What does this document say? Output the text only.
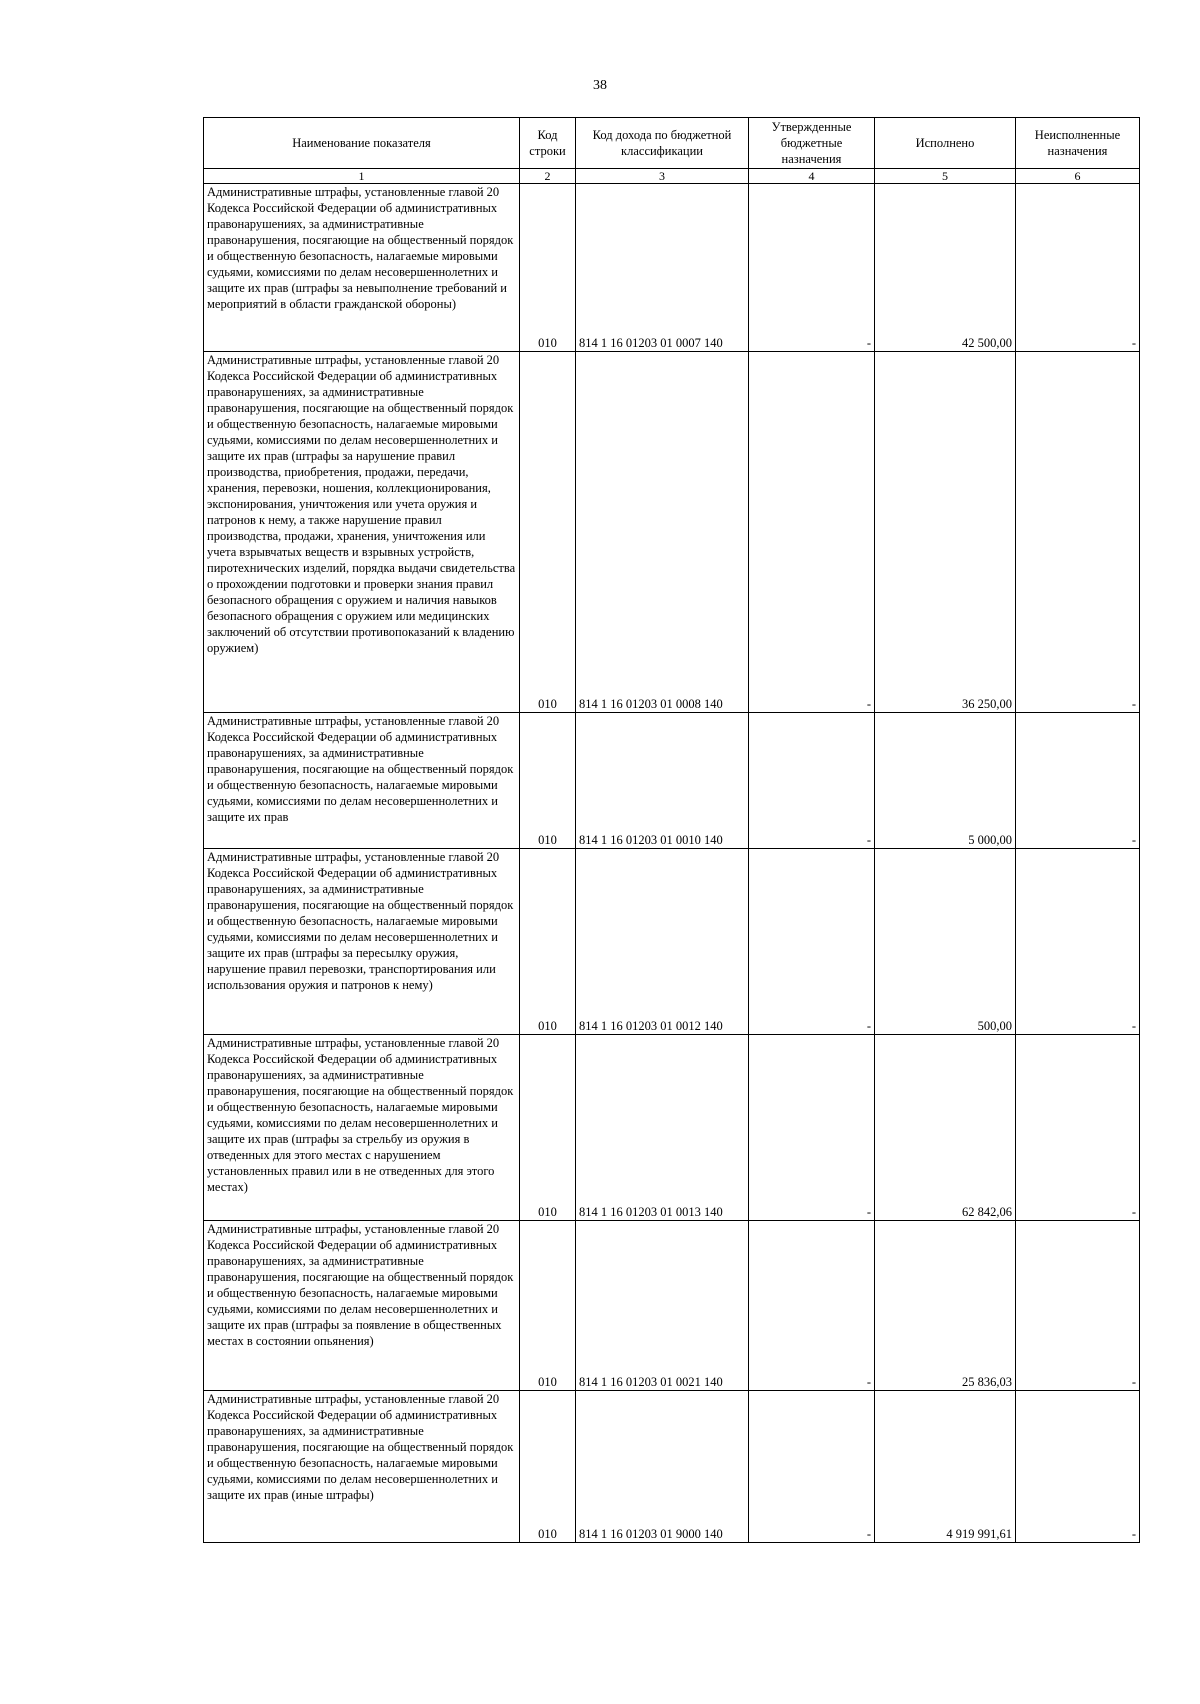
38
Наименование показателя	Код строки	Код дохода по бюджетной классификации	Утвержденные бюджетные назначения	Исполнено	Неисполненные назначения
1	2	3	4	5	6
Административные штрафы, установленные главой 20 Кодекса Российской Федерации об административных правонарушениях, за административные правонарушения, посягающие на общественный порядок и общественную безопасность, налагаемые мировыми судьями, комиссиями по делам несовершеннолетних и защите их прав (штрафы за невыполнение требований и мероприятий в области гражданской обороны)	010	814 1 16 01203 01 0007 140	-	42 500,00	-
Административные штрафы, установленные главой 20 Кодекса Российской Федерации об административных правонарушениях, за административные правонарушения, посягающие на общественный порядок и общественную безопасность, налагаемые мировыми судьями, комиссиями по делам несовершеннолетних и защите их прав (штрафы за нарушение правил производства, приобретения, продажи, передачи, хранения, перевозки, ношения, коллекционирования, экспонирования, уничтожения или учета оружия и патронов к нему, а также нарушение правил производства, продажи, хранения, уничтожения или учета взрывчатых веществ и взрывных устройств, пиротехнических изделий, порядка выдачи свидетельства о прохождении подготовки и проверки знания правил безопасного обращения с оружием и наличия навыков безопасного обращения с оружием или медицинских заключений об отсутствии противопоказаний к владению оружием)	010	814 1 16 01203 01 0008 140	-	36 250,00	-
Административные штрафы, установленные главой 20 Кодекса Российской Федерации об административных правонарушениях, за административные правонарушения, посягающие на общественный порядок и общественную безопасность, налагаемые мировыми судьями, комиссиями по делам несовершеннолетних и защите их прав	010	814 1 16 01203 01 0010 140	-	5 000,00	-
Административные штрафы, установленные главой 20 Кодекса Российской Федерации об административных правонарушениях, за административные правонарушения, посягающие на общественный порядок и общественную безопасность, налагаемые мировыми судьями, комиссиями по делам несовершеннолетних и защите их прав (штрафы за пересылку оружия, нарушение правил перевозки, транспортирования или использования оружия и патронов к нему)	010	814 1 16 01203 01 0012 140	-	500,00	-
Административные штрафы, установленные главой 20 Кодекса Российской Федерации об административных правонарушениях, за административные правонарушения, посягающие на общественный порядок и общественную безопасность, налагаемые мировыми судьями, комиссиями по делам несовершеннолетних и защите их прав (штрафы за стрельбу из оружия в отведенных для этого местах с нарушением установленных правил или в не отведенных для этого местах)	010	814 1 16 01203 01 0013 140	-	62 842,06	-
Административные штрафы, установленные главой 20 Кодекса Российской Федерации об административных правонарушениях, за административные правонарушения, посягающие на общественный порядок и общественную безопасность, налагаемые мировыми судьями, комиссиями по делам несовершеннолетних и защите их прав (штрафы за появление в общественных местах в состоянии опьянения)	010	814 1 16 01203 01 0021 140	-	25 836,03	-
Административные штрафы, установленные главой 20 Кодекса Российской Федерации об административных правонарушениях, за административные правонарушения, посягающие на общественный порядок и общественную безопасность, налагаемые мировыми судьями, комиссиями по делам несовершеннолетних и защите их прав (иные штрафы)	010	814 1 16 01203 01 9000 140	-	4 919 991,61	-
